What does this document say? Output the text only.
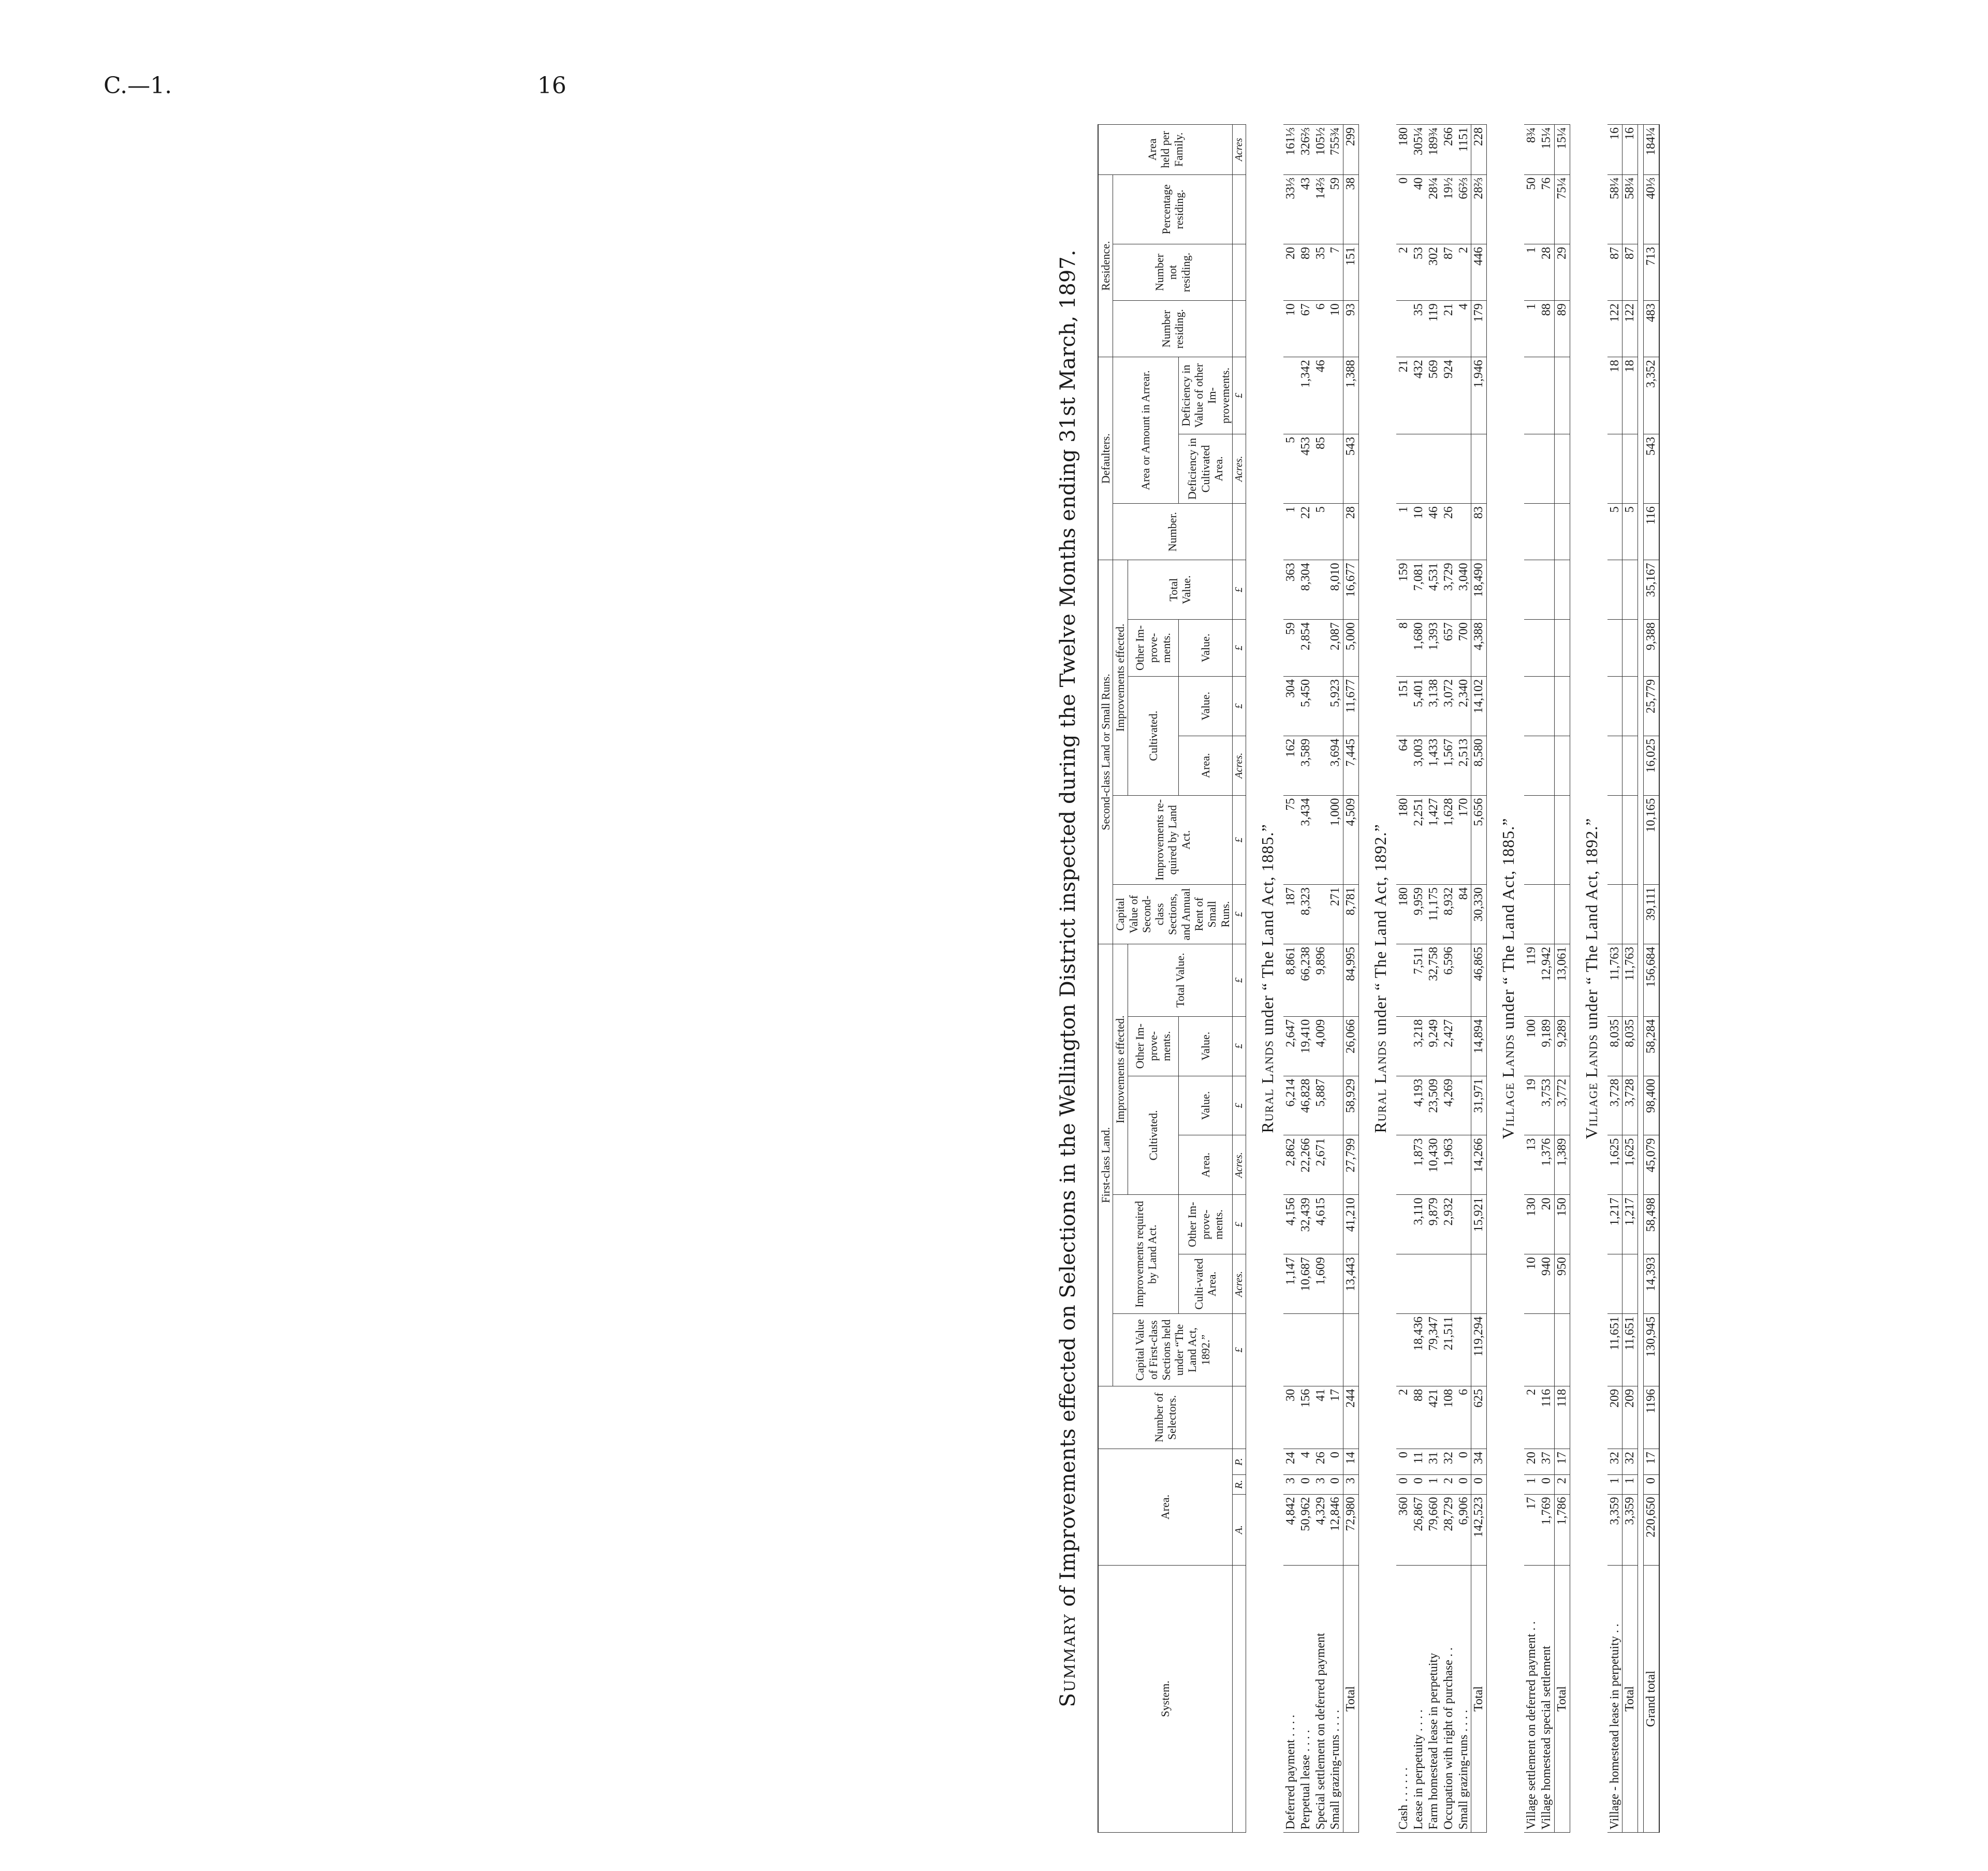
C.—1.	16
Summary of Improvements effected on Selections in the Wellington District inspected during the Twelve Months ending 31st March, 1897.
System.	Area.			Number of Selectors.	First-class Land.							Second-class Land or Small Runs.						Defaulters.			Residence.			Area held per Family.
					Capital Value of First-class Sections held under “The Land Act, 1892.”	Improvements required by Land Act.		Improvements effected.				Capital Value of Second-class Sections, and Annual Rent of Small Runs.	Improvements re-quired by Land Act.	Improvements effected.				Number.	Area or Amount in Arrear.		Number residing.	Number not residing.	Percentage residing.	
								Cultivated.		Other Im-prove-ments.	Total Value.			Cultivated.		Other Im-prove-ments.	Total Value.							
						Culti-vated Area.	Other Im-prove-ments.	Area.	Value.	Value.				Area.	Value.	Value.			Deficiency in Cultivated Area.	Deficiency in Value of other Im-provements.				
	A.	R.	P.		£	Acres.	£	Acres.	£	£	£	£	£	Acres.	£	£	£		Acres.	£				Acres
Rural Lands under “ The Land Act, 1885.”																								
Deferred payment . . . .	4,842	3	24	30		1,147	4,156	2,862	6,214	2,647	8,861	187	75	162	304	59	363	1	5		10	20	33⅓	161⅓
Perpetual lease . . . .	50,962	0	4	156		10,687	32,439	22,266	46,828	19,410	66,238	8,323	3,434	3,589	5,450	2,854	8,304	22	453	1,342	67	89	43	326⅔
Special settlement on deferred payment	4,329	3	26	41		1,609	4,615	2,671	5,887	4,009	9,896							5	85	46	6	35	14⅔	105½
Small grazing-runs . . . .	12,846	0	0	17								271	1,000	3,694	5,923	2,087	8,010				10	7	59	755¾
Total	72,980	3	14	244		13,443	41,210	27,799	58,929	26,066	84,995	8,781	4,509	7,445	11,677	5,000	16,677	28	543	1,388	93	151	38	299
Rural Lands under “ The Land Act, 1892.”																								
Cash . . . . . .	360	0	0	2								180	180	64	151	8	159	1		21		2	0	180
Lease in perpetuity . . . .	26,867	0	11	88	18,436		3,110	1,873	4,193	3,218	7,511	9,959	2,251	3,003	5,401	1,680	7,081	10		432	35	53	40	305¼
Farm homestead lease in perpetuity	79,660	1	31	421	79,347		9,879	10,430	23,509	9,249	32,758	11,175	1,427	1,433	3,138	1,393	4,531	46		569	119	302	28¼	189¾
Occupation with right of purchase . .	28,729	2	32	108	21,511		2,932	1,963	4,269	2,427	6,596	8,932	1,628	1,567	3,072	657	3,729	26		924	21	87	19½	266
Small grazing-runs . . . .	6,906	0	0	6								84	170	2,513	2,340	700	3,040				4	2	66⅔	1151
Total	142,523	0	34	625	119,294		15,921	14,266	31,971	14,894	46,865	30,330	5,656	8,580	14,102	4,388	18,490	83		1,946	179	446	28⅔	228
Village Lands under “ The Land Act, 1885.”																								
Village settlement on deferred payment . .	17	1	20	2		10	130	13	19	100	119										1	1	50	8¾
Village homestead special settlement	1,769	0	37	116		940	20	1,376	3,753	9,189	12,942										88	28	76	15¼
Total	1,786	2	17	118		950	150	1,389	3,772	9,289	13,061										89	29	75¼	15¼
Village Lands under “ The Land Act, 1892.”																								
Village - homestead lease in perpetuity . .	3,359	1	32	209	11,651		1,217	1,625	3,728	8,035	11,763							5		18	122	87	58¼	16
Total	3,359	1	32	209	11,651		1,217	1,625	3,728	8,035	11,763							5		18	122	87	58¼	16

Grand total	220,650	0	17	1196	130,945	14,393	58,498	45,079	98,400	58,284	156,684	39,111	10,165	16,025	25,779	9,388	35,167	116	543	3,352	483	713	40⅓	184¼
